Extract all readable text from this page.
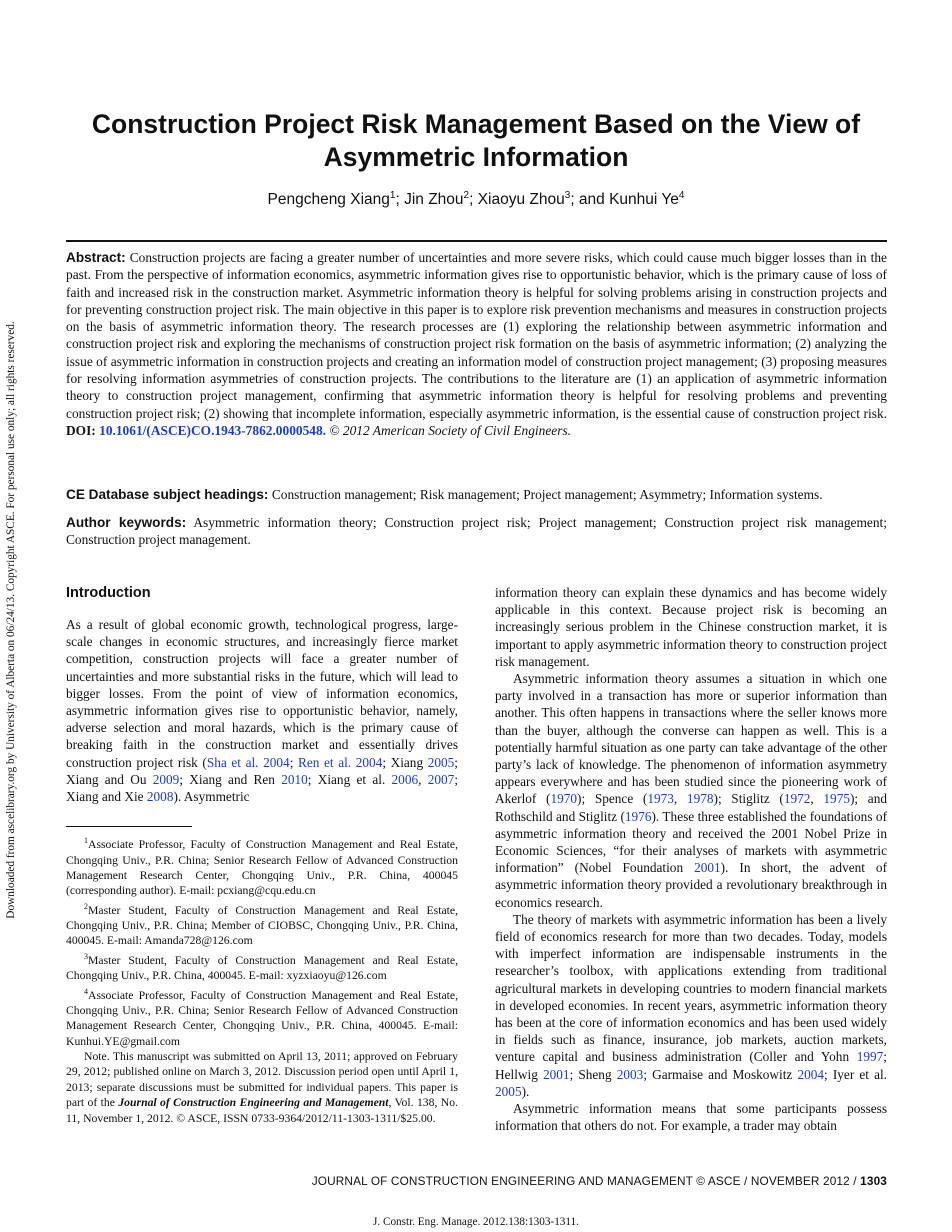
Downloaded from ascelibrary.org by University of Alberta on 06/24/13. Copyright ASCE. For personal use only; all rights reserved.
Construction Project Risk Management Based on the View of Asymmetric Information
Pengcheng Xiang$^1$; Jin Zhou$^2$; Xiaoyu Zhou$^3$; and Kunhui Ye$^4$
Abstract: Construction projects are facing a greater number of uncertainties and more severe risks, which could cause much bigger losses than in the past. From the perspective of information economics, asymmetric information gives rise to opportunistic behavior, which is the primary cause of loss of faith and increased risk in the construction market. Asymmetric information theory is helpful for solving problems arising in construction projects and for preventing construction project risk. The main objective in this paper is to explore risk prevention mechanisms and measures in construction projects on the basis of asymmetric information theory. The research processes are (1) exploring the relationship between asymmetric information and construction project risk and exploring the mechanisms of construction project risk formation on the basis of asymmetric information; (2) analyzing the issue of asymmetric information in construction projects and creating an information model of construction project management; (3) proposing measures for resolving information asymmetries of construction projects. The contributions to the literature are (1) an application of asymmetric information theory to construction project management, confirming that asymmetric information theory is helpful for resolving problems and preventing construction project risk; (2) showing that incomplete information, especially asymmetric information, is the essential cause of construction project risk. DOI: 10.1061/(ASCE)CO.1943-7862.0000548. © 2012 American Society of Civil Engineers.
CE Database subject headings: Construction management; Risk management; Project management; Asymmetry; Information systems.
Author keywords: Asymmetric information theory; Construction project risk; Project management; Construction project risk management; Construction project management.
Introduction

As a result of global economic growth, technological progress, large-scale changes in economic structures, and increasingly fierce market competition, construction projects will face a greater number of uncertainties and more substantial risks in the future, which will lead to bigger losses. From the point of view of information economics, asymmetric information gives rise to opportunistic behavior, namely, adverse selection and moral hazards, which is the primary cause of breaking faith in the construction market and essentially drives construction project risk (Sha et al. 2004; Ren et al. 2004; Xiang 2005; Xiang and Ou 2009; Xiang and Ren 2010; Xiang et al. 2006, 2007; Xiang and Xie 2008). Asymmetric

$^1$Associate Professor, Faculty of Construction Management and Real Estate, Chongqing Univ., P.R. China; Senior Research Fellow of Advanced Construction Management Research Center, Chongqing Univ., P.R. China, 400045 (corresponding author). E-mail: pcxiang@cqu.edu.cn

$^2$Master Student, Faculty of Construction Management and Real Estate, Chongqing Univ., P.R. China; Member of CIOBSC, Chongqing Univ., P.R. China, 400045. E-mail: Amanda728@126.com

$^3$Master Student, Faculty of Construction Management and Real Estate, Chongqing Univ., P.R. China, 400045. E-mail: xyzxiaoyu@126.com

$^4$Associate Professor, Faculty of Construction Management and Real Estate, Chongqing Univ., P.R. China; Senior Research Fellow of Advanced Construction Management Research Center, Chongqing Univ., P.R. China, 400045. E-mail: Kunhui.YE@gmail.com

Note. This manuscript was submitted on April 13, 2011; approved on February 29, 2012; published online on March 3, 2012. Discussion period open until April 1, 2013; separate discussions must be submitted for individual papers. This paper is part of the Journal of Construction Engineering and Management, Vol. 138, No. 11, November 1, 2012. © ASCE, ISSN 0733-9364/2012/11-1303-1311/$25.00.

information theory can explain these dynamics and has become widely applicable in this context. Because project risk is becoming an increasingly serious problem in the Chinese construction market, it is important to apply asymmetric information theory to construction project risk management.

Asymmetric information theory assumes a situation in which one party involved in a transaction has more or superior information than another. This often happens in transactions where the seller knows more than the buyer, although the converse can happen as well. This is a potentially harmful situation as one party can take advantage of the other party’s lack of knowledge. The phenomenon of information asymmetry appears everywhere and has been studied since the pioneering work of Akerlof (1970); Spence (1973, 1978); Stiglitz (1972, 1975); and Rothschild and Stiglitz (1976). These three established the foundations of asymmetric information theory and received the 2001 Nobel Prize in Economic Sciences, “for their analyses of markets with asymmetric information” (Nobel Foundation 2001). In short, the advent of asymmetric information theory provided a revolutionary breakthrough in economics research.

The theory of markets with asymmetric information has been a lively field of economics research for more than two decades. Today, models with imperfect information are indispensable instruments in the researcher’s toolbox, with applications extending from traditional agricultural markets in developing countries to modern financial markets in developed economies. In recent years, asymmetric information theory has been at the core of information economics and has been used widely in fields such as finance, insurance, job markets, auction markets, venture capital and business administration (Coller and Yohn 1997; Hellwig 2001; Sheng 2003; Garmaise and Moskowitz 2004; Iyer et al. 2005).

Asymmetric information means that some participants possess information that others do not. For example, a trader may obtain

JOURNAL OF CONSTRUCTION ENGINEERING AND MANAGEMENT © ASCE / NOVEMBER 2012 / 1303
J. Constr. Eng. Manage. 2012.138:1303-1311.
